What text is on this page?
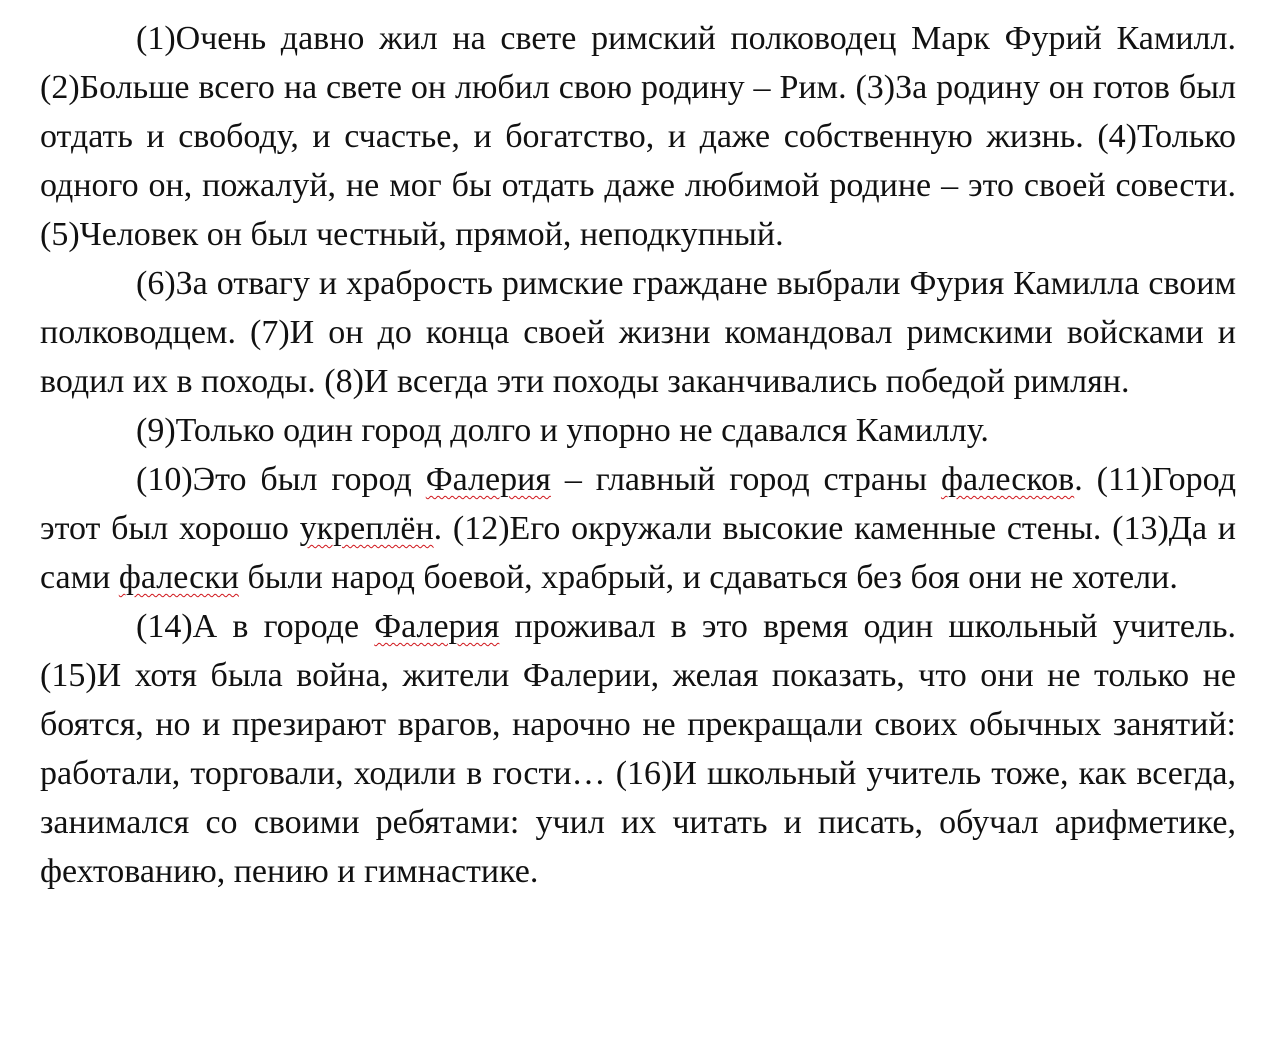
(1)Очень давно жил на свете римский полководец Марк Фурий Камилл. (2)Больше всего на свете он любил свою родину – Рим. (3)За родину он готов был отдать и свободу, и счастье, и богатство, и даже собственную жизнь. (4)Только одного он, пожалуй, не мог бы отдать даже любимой родине – это своей совести. (5)Человек он был честный, прямой, неподкупный.

(6)За отвагу и храбрость римские граждане выбрали Фурия Камилла своим полководцем. (7)И он до конца своей жизни командовал римскими войсками и водил их в походы. (8)И всегда эти походы заканчивались победой римлян.

(9)Только один город долго и упорно не сдавался Камиллу.

(10)Это был город Фалерия – главный город страны фалесков. (11)Город этот был хорошо укреплён. (12)Его окружали высокие каменные стены. (13)Да и сами фалески были народ боевой, храбрый, и сдаваться без боя они не хотели.

(14)А в городе Фалерия проживал в это время один школьный учитель. (15)И хотя была война, жители Фалерии, желая показать, что они не только не боятся, но и презирают врагов, нарочно не прекращали своих обычных занятий: работали, торговали, ходили в гости… (16)И школьный учитель тоже, как всегда, занимался со своими ребятами: учил их читать и писать, обучал арифметике, фехтованию, пению и гимнастике.
